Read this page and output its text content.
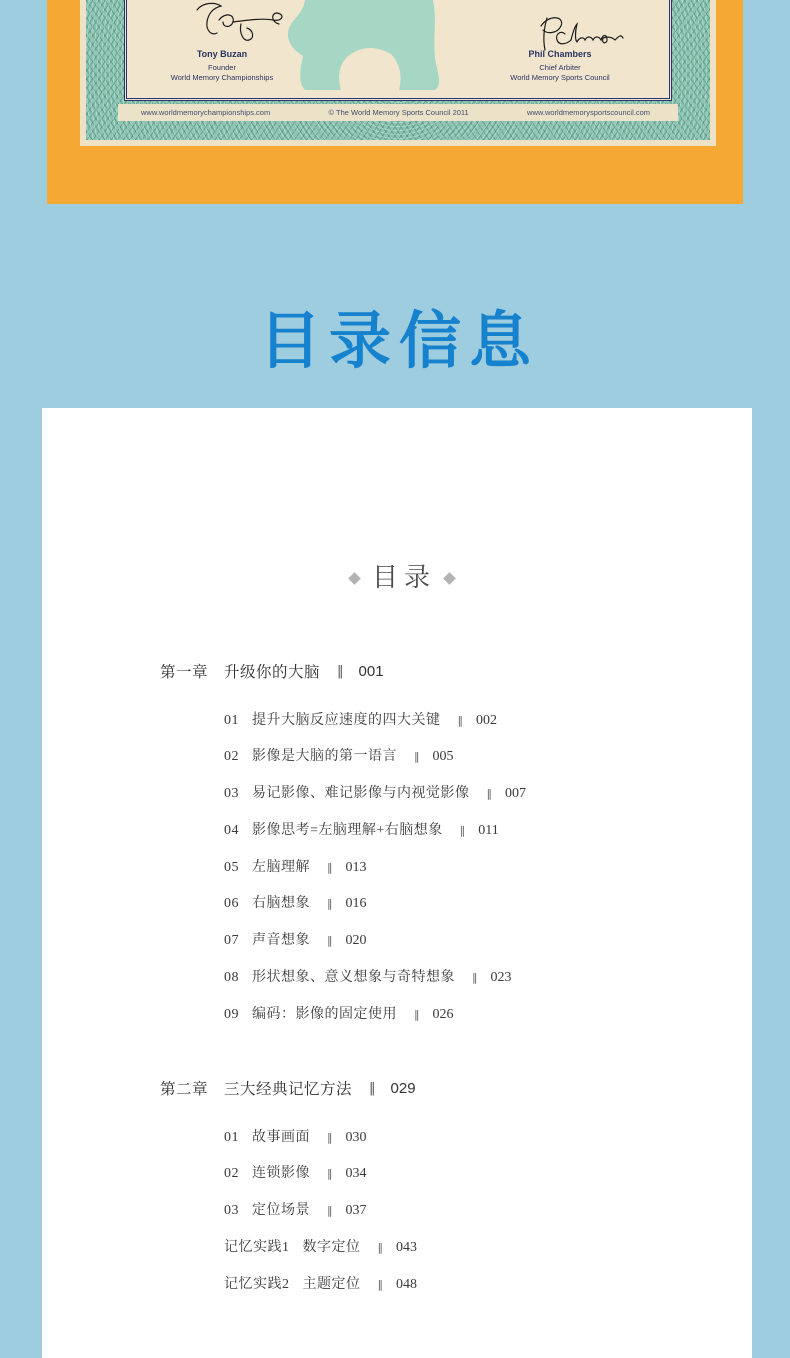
Tony Buzan
Founder
World Memory Championships
Phil Chambers
Chief Arbiter
World Memory Sports Council
www.worldmemorychampionships.com	© The World Memory Sports Council 2011	www.worldmemorysportscouncil.com
目录信息
目录
第一章 升级你的大脑 ‖ 001
01 提升大脑反应速度的四大关键 ‖ 002
02 影像是大脑的第一语言 ‖ 005
03 易记影像、难记影像与内视觉影像 ‖ 007
04 影像思考=左脑理解+右脑想象 ‖ 011
05 左脑理解 ‖ 013
06 右脑想象 ‖ 016
07 声音想象 ‖ 020
08 形状想象、意义想象与奇特想象 ‖ 023
09 编码：影像的固定使用 ‖ 026
第二章 三大经典记忆方法 ‖ 029
01 故事画面 ‖ 030
02 连锁影像 ‖ 034
03 定位场景 ‖ 037
记忆实践1 数字定位 ‖ 043
记忆实践2 主题定位 ‖ 048
